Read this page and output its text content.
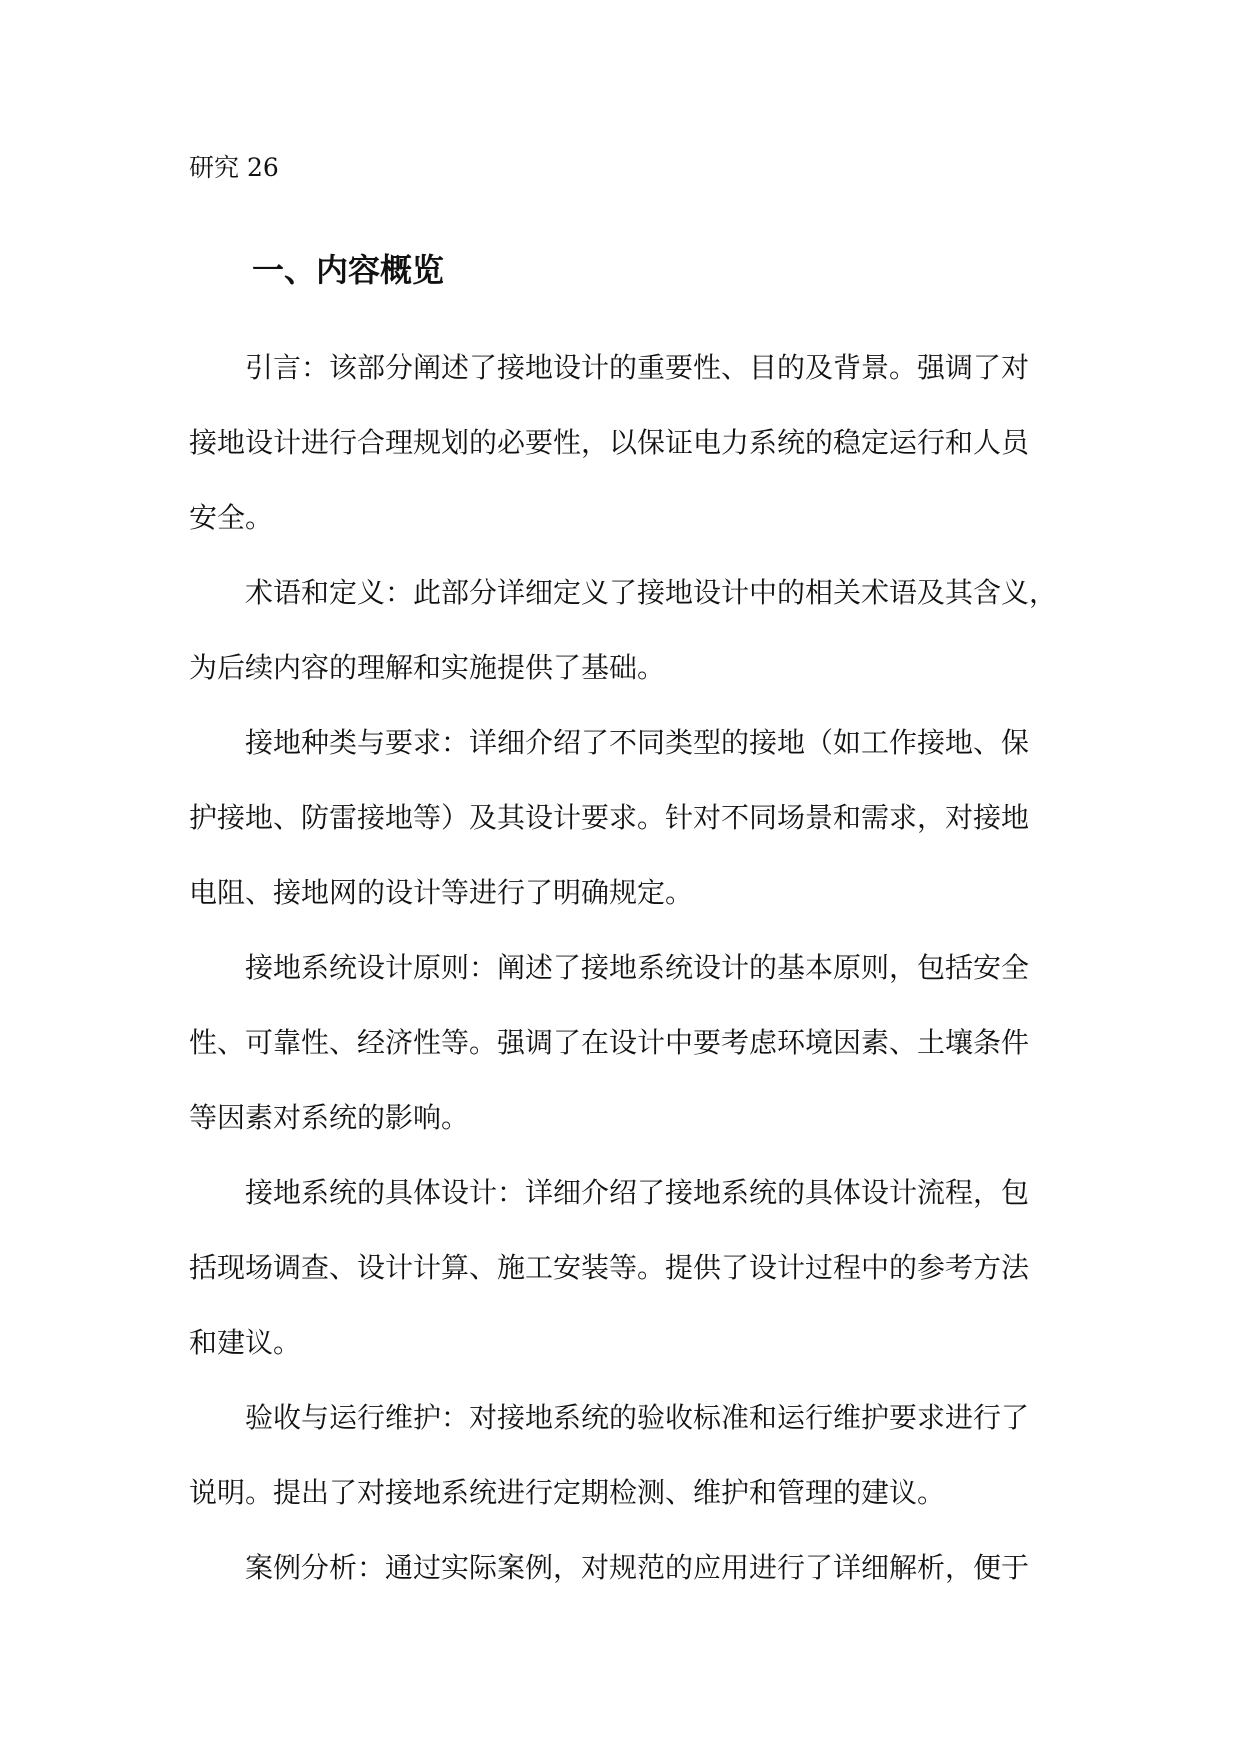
研究 26
一、内容概览

引言：该部分阐述了接地设计的重要性、目的及背景。强调了对
接地设计进行合理规划的必要性，以保证电力系统的稳定运行和人员
安全。

术语和定义：此部分详细定义了接地设计中的相关术语及其含义，
为后续内容的理解和实施提供了基础。

接地种类与要求：详细介绍了不同类型的接地（如工作接地、保
护接地、防雷接地等）及其设计要求。针对不同场景和需求，对接地
电阻、接地网的设计等进行了明确规定。

接地系统设计原则：阐述了接地系统设计的基本原则，包括安全
性、可靠性、经济性等。强调了在设计中要考虑环境因素、土壤条件
等因素对系统的影响。

接地系统的具体设计：详细介绍了接地系统的具体设计流程，包
括现场调查、设计计算、施工安装等。提供了设计过程中的参考方法
和建议。

验收与运行维护：对接地系统的验收标准和运行维护要求进行了
说明。提出了对接地系统进行定期检测、维护和管理的建议。

案例分析：通过实际案例，对规范的应用进行了详细解析，便于
